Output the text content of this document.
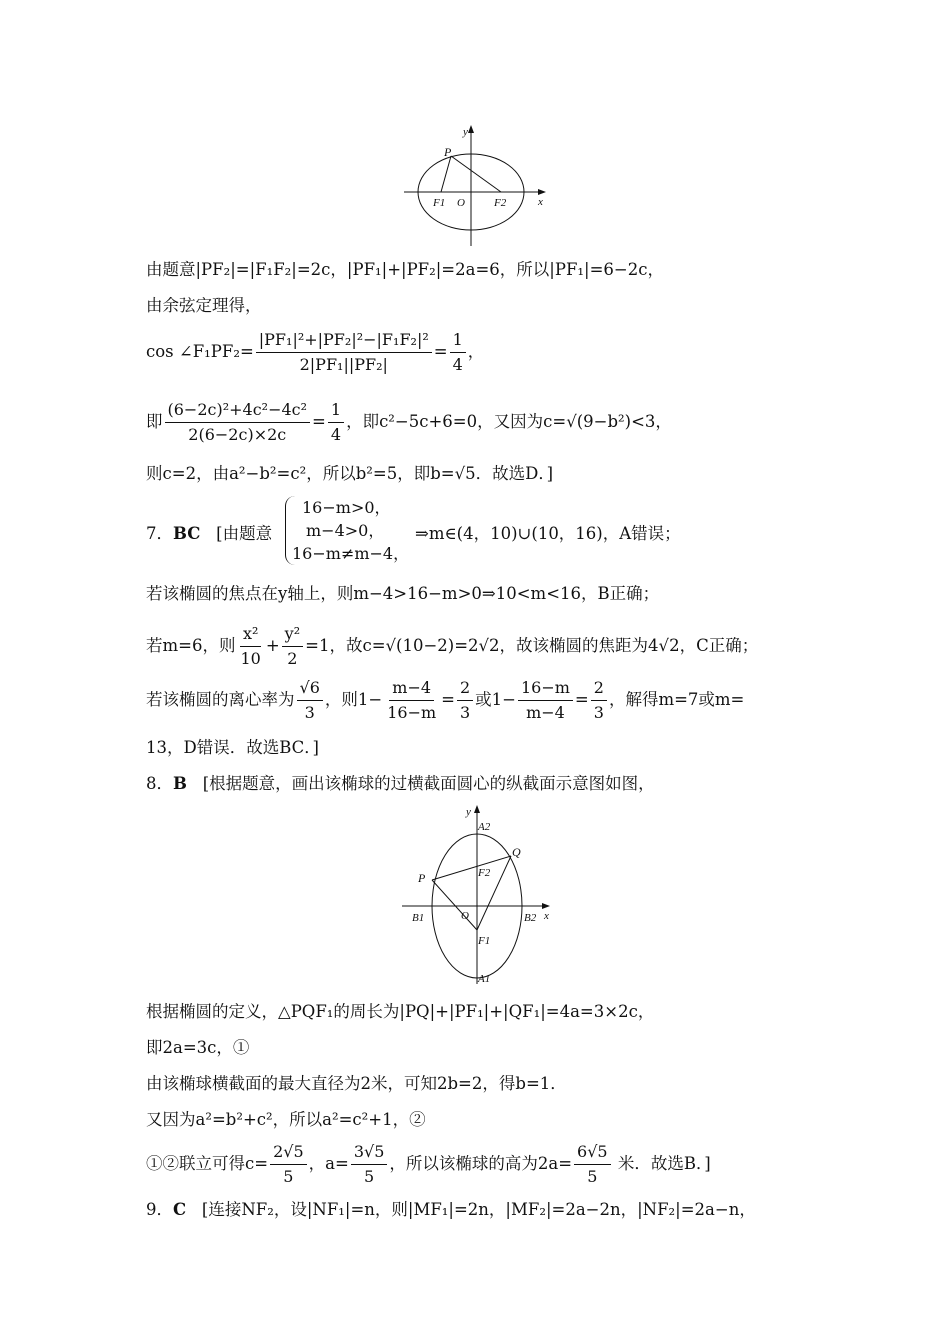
y
P
F1 O	F2	x
由题意|PF₂|=|F₁F₂|=2c，|PF₁|+|PF₂|=2a=6，所以|PF₁|=6−2c，
由余弦定理得，
cos ∠F₁PF₂= $\frac{\text{|PF₁|²+|PF₂|²−|F₁F₂|²}}{\text{2|PF₁||PF₂|}} = \frac{1}{4}$ ，
即 $\frac{\text{(6−2c)²+4c²−4c²}}{2(6-2c)\times 2c} = \frac{1}{4}$ ，即c²−5c+6=0，又因为c=√(9−b²)<3，
则c=2，由a²−b²=c²，所以b²=5，即b=√5．故选D．]
7．BC [由题意
16−m>0，
m−4>0，
16−m≠m−4，
⇒m∈(4，10)∪(10，16)，A错误；
若该椭圆的焦点在y轴上，则m−4>16−m>0⇒10<m<16，B正确；
若m=6，则 $\frac{\text{x²}}{10} + \frac{\text{y²}}{2} =1$，故c=√(10−2)=2√2，故该椭圆的焦距为4√2，C正确；
若该椭圆的离心率为 $\frac{√6}{3}$ ，则$1- \frac{m-4}{16-m} = \frac{2}{3}$ 或$1- \frac{16-m}{m-4} = \frac{2}{3}$ ，解得m=7或m=
13，D错误．故选BC．]
8．B [根据题意，画出该椭球的过横截面圆心的纵截面示意图如图，
y
A2
Q
F2
P
B1	O	B2 x
F1
A1
根据椭圆的定义，△PQF₁的周长为|PQ|+|PF₁|+|QF₁|=4a=3×2c，
即2a=3c，①
由该椭球横截面的最大直径为2米，可知2b=2，得b=1．
又因为a²=b²+c²，所以a²=c²+1，②
①②联立可得$c= \frac{2√5}{5}$ ，$a= \frac{3√5}{5}$ ，所以该椭球的高为$2a= \frac{6√5}{5}$ 米．故选B．]
9．C [连接NF₂，设|NF₁|=n，则|MF₁|=2n，|MF₂|=2a−2n，|NF₂|=2a−n，
